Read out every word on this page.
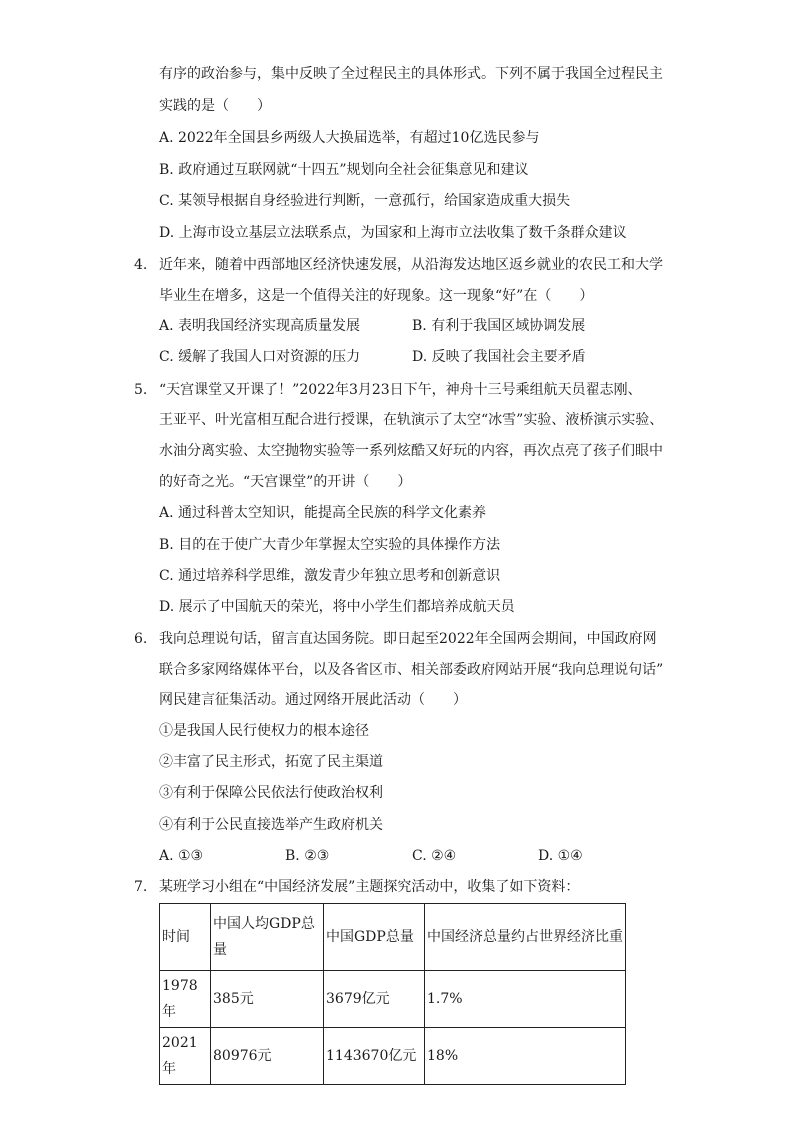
有序的政治参与，集中反映了全过程民主的具体形式。下列不属于我国全过程民主
实践的是（　　）
A. 2022年全国县乡两级人大换届选举，有超过10亿选民参与
B. 政府通过互联网就“十四五”规划向全社会征集意见和建议
C. 某领导根据自身经验进行判断，一意孤行，给国家造成重大损失
D. 上海市设立基层立法联系点，为国家和上海市立法收集了数千条群众建议
4. 近年来，随着中西部地区经济快速发展，从沿海发达地区返乡就业的农民工和大学
毕业生在增多，这是一个值得关注的好现象。这一现象“好”在（　　）
A. 表明我国经济实现高质量发展	B. 有利于我国区域协调发展
C. 缓解了我国人口对资源的压力	D. 反映了我国社会主要矛盾
5. “天宫课堂又开课了！”2022年3月23日下午，神舟十三号乘组航天员翟志刚、
王亚平、叶光富相互配合进行授课，在轨演示了太空“冰雪”实验、液桥演示实验、
水油分离实验、太空抛物实验等一系列炫酷又好玩的内容，再次点亮了孩子们眼中
的好奇之光。“天宫课堂”的开讲（　　）
A. 通过科普太空知识，能提高全民族的科学文化素养
B. 目的在于使广大青少年掌握太空实验的具体操作方法
C. 通过培养科学思维，激发青少年独立思考和创新意识
D. 展示了中国航天的荣光，将中小学生们都培养成航天员
6. 我向总理说句话，留言直达国务院。即日起至2022年全国两会期间，中国政府网
联合多家网络媒体平台，以及各省区市、相关部委政府网站开展“我向总理说句话”
网民建言征集活动。通过网络开展此活动（　　）
①是我国人民行使权力的根本途径
②丰富了民主形式，拓宽了民主渠道
③有利于保障公民依法行使政治权利
④有利于公民直接选举产生政府机关
A. ①③	B. ②③	C. ②④	D. ①④
7. 某班学习小组在“中国经济发展”主题探究活动中，收集了如下资料：
时间	中国人均GDP总量	中国GDP总量	中国经济总量约占世界经济比重
1978年	385元	3679亿元	1.7%
2021年	80976元	1143670亿元	18%
